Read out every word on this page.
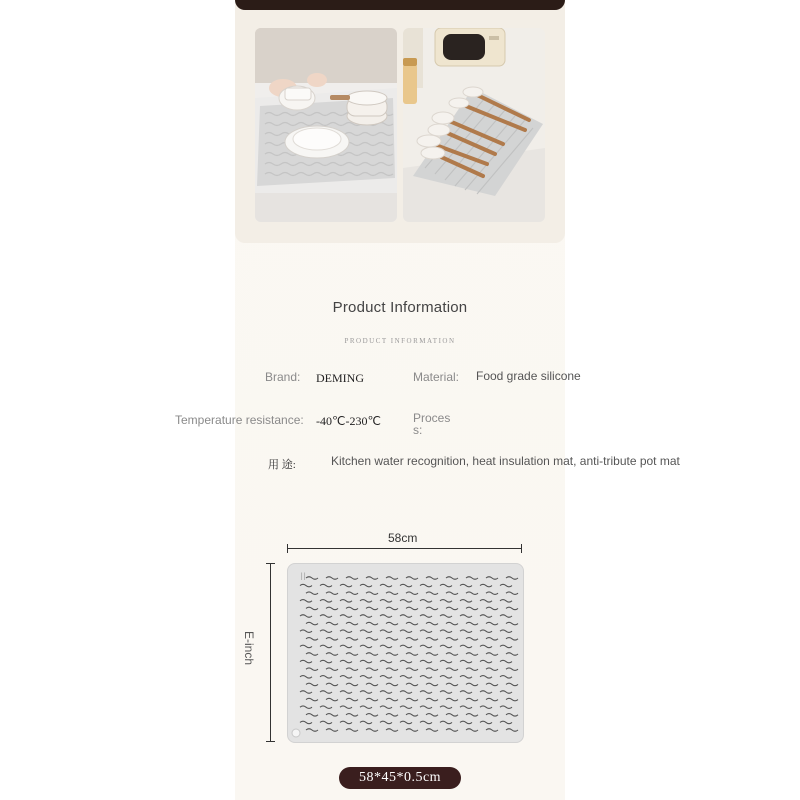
Product Information
PRODUCT INFORMATION
Brand: DEMING	Material: Food grade silicone
Temperature resistance: -40℃-230℃	Proces
s:
用 途:	Kitchen water recognition, heat insulation mat, anti-tribute pot mat
58cm
E-inch
II
58*45*0.5cm
